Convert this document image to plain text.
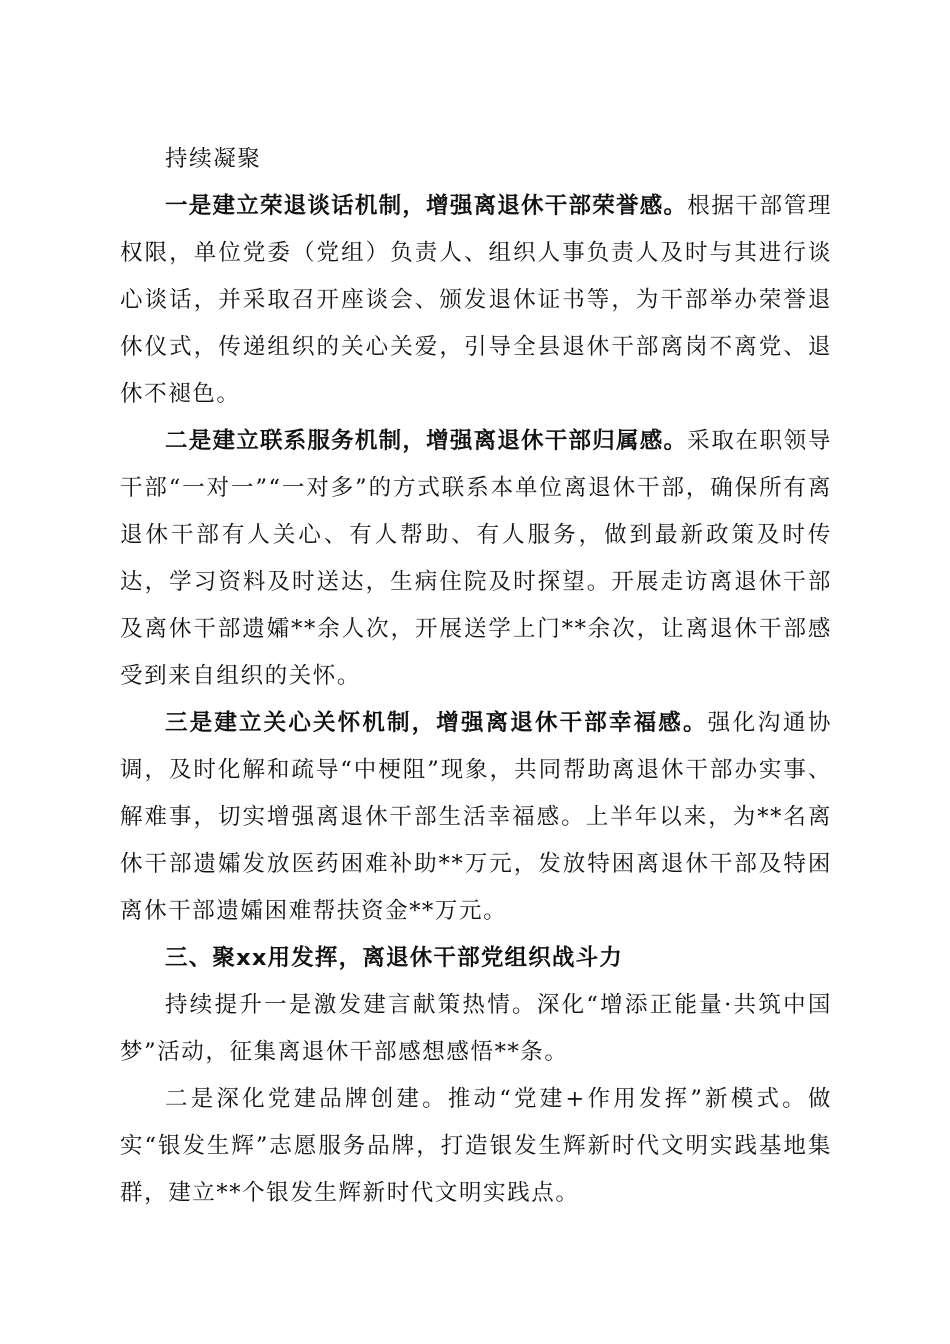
持续凝聚

一是建立荣退谈话机制，增强离退休干部荣誉感。根据干部管理权限，单位党委（党组）负责人、组织人事负责人及时与其进行谈心谈话，并采取召开座谈会、颁发退休证书等，为干部举办荣誉退休仪式，传递组织的关心关爱，引导全县退休干部离岗不离党、退休不褪色。

二是建立联系服务机制，增强离退休干部归属感。采取在职领导干部“一对一”“一对多”的方式联系本单位离退休干部，确保所有离退休干部有人关心、有人帮助、有人服务，做到最新政策及时传达，学习资料及时送达，生病住院及时探望。开展走访离退休干部及离休干部遗孀**余人次，开展送学上门**余次，让离退休干部感受到来自组织的关怀。

三是建立关心关怀机制，增强离退休干部幸福感。强化沟通协调，及时化解和疏导“中梗阻”现象，共同帮助离退休干部办实事、解难事，切实增强离退休干部生活幸福感。上半年以来，为**名离休干部遗孀发放医药困难补助**万元，发放特困离退休干部及特困离休干部遗孀困难帮扶资金**万元。

三、聚xx用发挥，离退休干部党组织战斗力

持续提升一是激发建言献策热情。深化“增添正能量·共筑中国梦”活动，征集离退休干部感想感悟**条。

二是深化党建品牌创建。推动“党建+作用发挥”新模式。做实“银发生辉”志愿服务品牌，打造银发生辉新时代文明实践基地集群，建立**个银发生辉新时代文明实践点。
